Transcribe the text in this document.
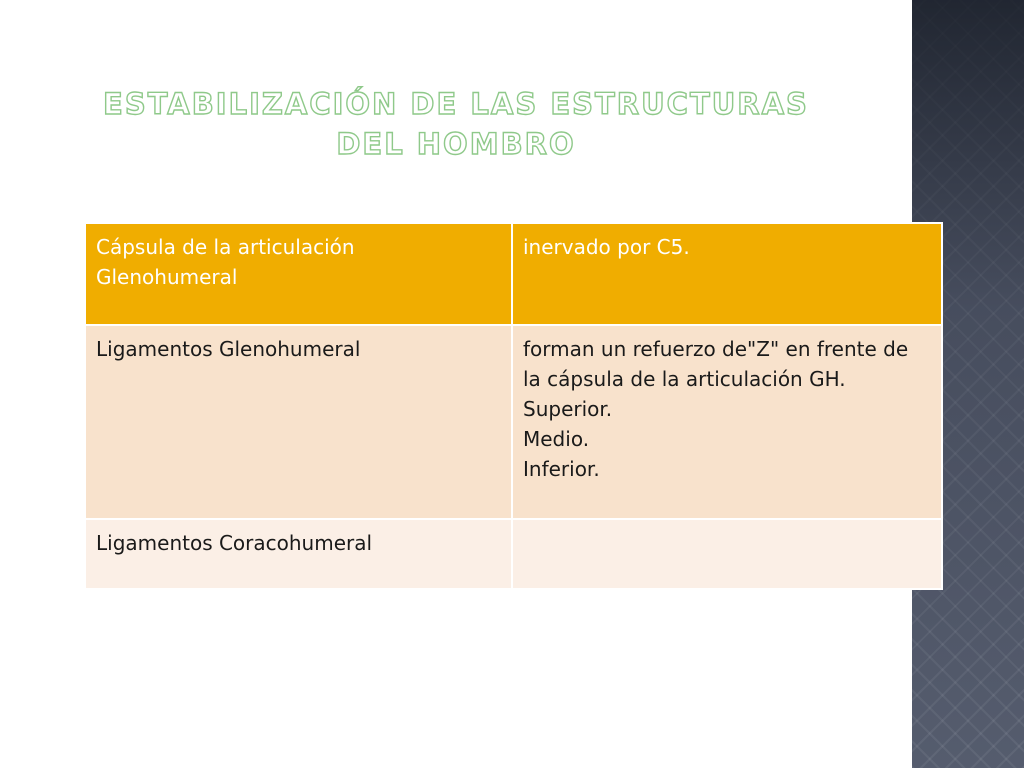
ESTABILIZACIÓN DE LAS ESTRUCTURAS DEL HOMBRO
Cápsula de la articulación Glenohumeral	inervado por C5.
Ligamentos Glenohumeral	forman un refuerzo de"Z" en frente de la cápsula de la articulación GH.
Superior.
Medio.
Inferior.
Ligamentos Coracohumeral	
